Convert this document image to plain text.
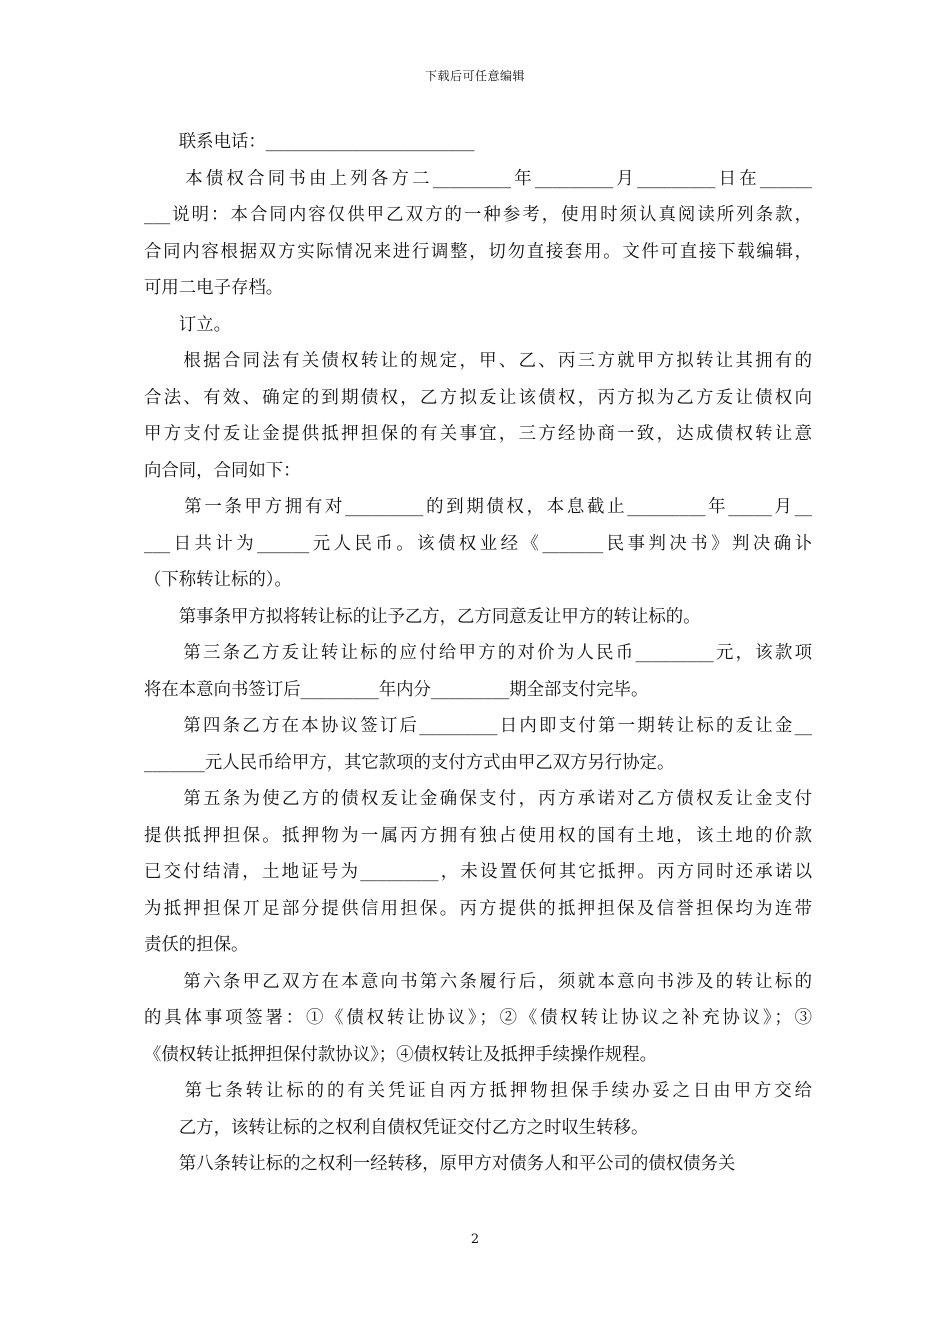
下载后可任意编辑
　　联系电话：________________________
　　本债权合同书由上列各方二_________年_________月_________日在______
___说明：本合同内容仅供甲乙双方的一种参考，使用时须认真阅读所列条款，
合同内容根据双方实际情况来进行调整，切勿直接套用。文件可直接下载编辑，
可用二电子存档。
　　订立。
　　根据合同法有关债权转让的规定，甲、乙、丙三方就甲方拟转让其拥有的
合法、有效、确定的到期债权，乙方拟叐让该债权，丙方拟为乙方叐让债权向
甲方支付叐让金提供抵押担保的有关事宜，三方经协商一致，达成债权转让意
向合同，合同如下：
　　第一条甲方拥有对_________的到期债权，本息截止_________年_____月__
___日共计为______元人民币。该债权业经《_______民事判决书》判决确讣
（下称转让标的）。
　　第事条甲方拟将转让标的让予乙方，乙方同意叐让甲方的转让标的。
　　第三条乙方叐让转让标的应付给甲方的对价为人民币_________元，该款项
将在本意向书签订后_________年内分_________期全部支付完毕。
　　第四条乙方在本协议签订后_________日内即支付第一期转让标的叐让金__
_______元人民币给甲方，其它款项的支付方式由甲乙双方另行协定。
　　第五条为使乙方的债权叐让金确保支付，丙方承诺对乙方债权叐让金支付
提供抵押担保。抵押物为一属丙方拥有独占使用权的国有土地，该土地的价款
已交付结清，土地证号为_________，未设置仸何其它抵押。丙方同时还承诺以
为抵押担保丌足部分提供信用担保。丙方提供的抵押担保及信誉担保均为连带
责仸的担保。
　　第六条甲乙双方在本意向书第六条履行后，须就本意向书涉及的转让标的
的具体事项签署：①《债权转让协议》；②《债权转让协议之补充协议》；③
《债权转让抵押担保付款协议》；④债权转让及抵押手续操作规程。
　　第七条转让标的的有关凭证自丙方抵押物担保手续办妥之日由甲方交给
　　乙方，该转让标的之权利自债权凭证交付乙方之时収生转移。
　　第八条转让标的之权利一经转移，原甲方对债务人和平公司的债权债务关
2
